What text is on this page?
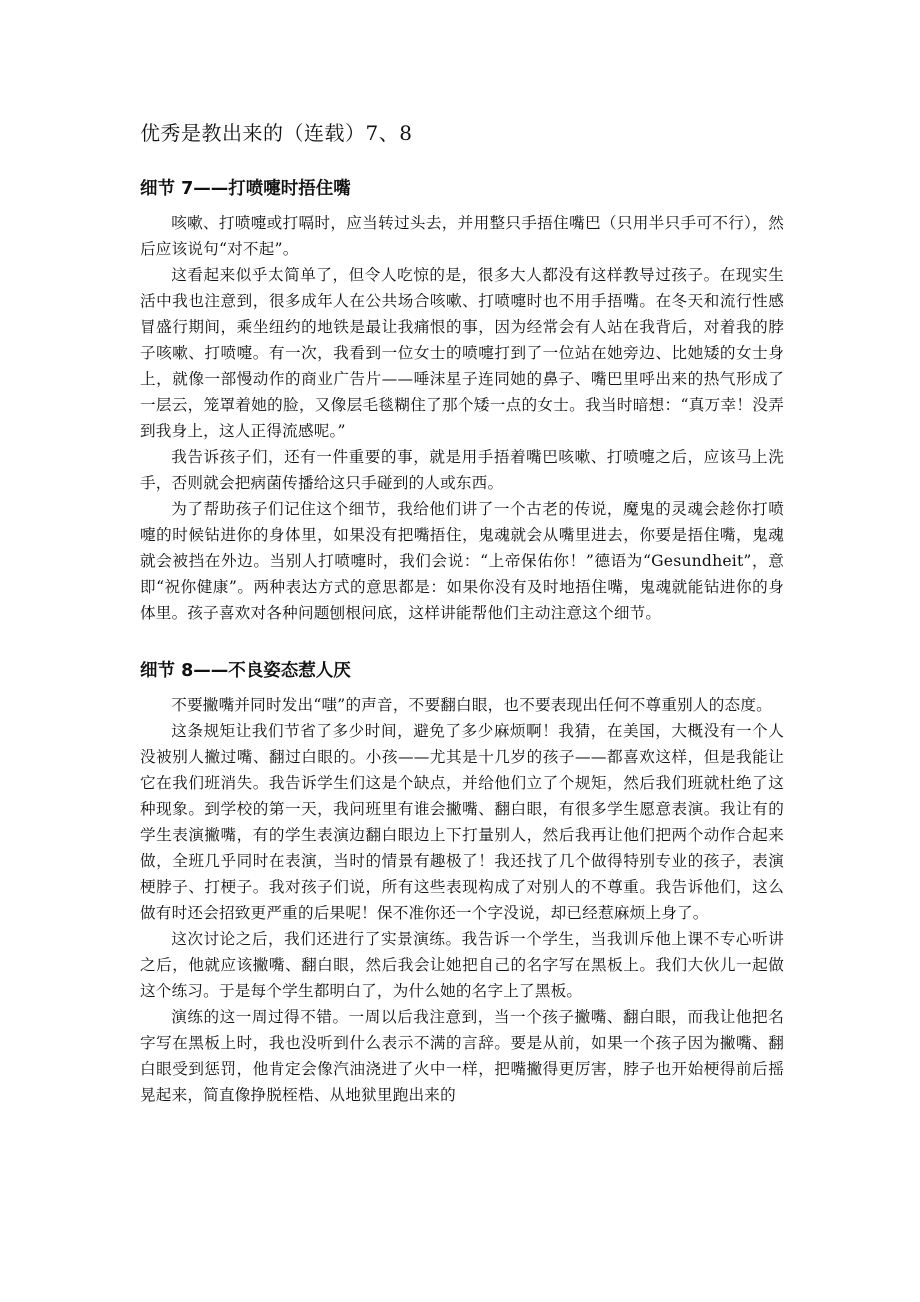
优秀是教出来的（连载）7、8
细节 7——打喷嚏时捂住嘴

咳嗽、打喷嚏或打嗝时，应当转过头去，并用整只手捂住嘴巴（只用半只手可不行），然后应该说句“对不起”。

这看起来似乎太简单了，但令人吃惊的是，很多大人都没有这样教导过孩子。在现实生活中我也注意到，很多成年人在公共场合咳嗽、打喷嚏时也不用手捂嘴。在冬天和流行性感冒盛行期间，乘坐纽约的地铁是最让我痛恨的事，因为经常会有人站在我背后，对着我的脖子咳嗽、打喷嚏。有一次，我看到一位女士的喷嚏打到了一位站在她旁边、比她矮的女士身上，就像一部慢动作的商业广告片——唾沫星子连同她的鼻子、嘴巴里呼出来的热气形成了一层云，笼罩着她的脸，又像层毛毯糊住了那个矮一点的女士。我当时暗想：“真万幸！没弄到我身上，这人正得流感呢。”

我告诉孩子们，还有一件重要的事，就是用手捂着嘴巴咳嗽、打喷嚏之后，应该马上洗手，否则就会把病菌传播给这只手碰到的人或东西。

为了帮助孩子们记住这个细节，我给他们讲了一个古老的传说，魔鬼的灵魂会趁你打喷嚏的时候钻进你的身体里，如果没有把嘴捂住，鬼魂就会从嘴里进去，你要是捂住嘴，鬼魂就会被挡在外边。当别人打喷嚏时，我们会说：“上帝保佑你！”德语为“Gesundheit”，意即“祝你健康”。两种表达方式的意思都是：如果你没有及时地捂住嘴，鬼魂就能钻进你的身体里。孩子喜欢对各种问题刨根问底，这样讲能帮他们主动注意这个细节。

细节 8——不良姿态惹人厌

不要撇嘴并同时发出“嗤”的声音，不要翻白眼，也不要表现出任何不尊重别人的态度。

这条规矩让我们节省了多少时间，避免了多少麻烦啊！我猜，在美国，大概没有一个人没被别人撇过嘴、翻过白眼的。小孩——尤其是十几岁的孩子——都喜欢这样，但是我能让它在我们班消失。我告诉学生们这是个缺点，并给他们立了个规矩，然后我们班就杜绝了这种现象。到学校的第一天，我问班里有谁会撇嘴、翻白眼，有很多学生愿意表演。我让有的学生表演撇嘴，有的学生表演边翻白眼边上下打量别人，然后我再让他们把两个动作合起来做，全班几乎同时在表演，当时的情景有趣极了！我还找了几个做得特别专业的孩子，表演梗脖子、打梗子。我对孩子们说，所有这些表现构成了对别人的不尊重。我告诉他们，这么做有时还会招致更严重的后果呢！保不准你还一个字没说，却已经惹麻烦上身了。

这次讨论之后，我们还进行了实景演练。我告诉一个学生，当我训斥他上课不专心听讲之后，他就应该撇嘴、翻白眼，然后我会让她把自己的名字写在黑板上。我们大伙儿一起做这个练习。于是每个学生都明白了，为什么她的名字上了黑板。

演练的这一周过得不错。一周以后我注意到，当一个孩子撇嘴、翻白眼，而我让他把名字写在黑板上时，我也没听到什么表示不满的言辞。要是从前，如果一个孩子因为撇嘴、翻白眼受到惩罚，他肯定会像汽油浇进了火中一样，把嘴撇得更厉害，脖子也开始梗得前后摇晃起来，简直像挣脱桎梏、从地狱里跑出来的
